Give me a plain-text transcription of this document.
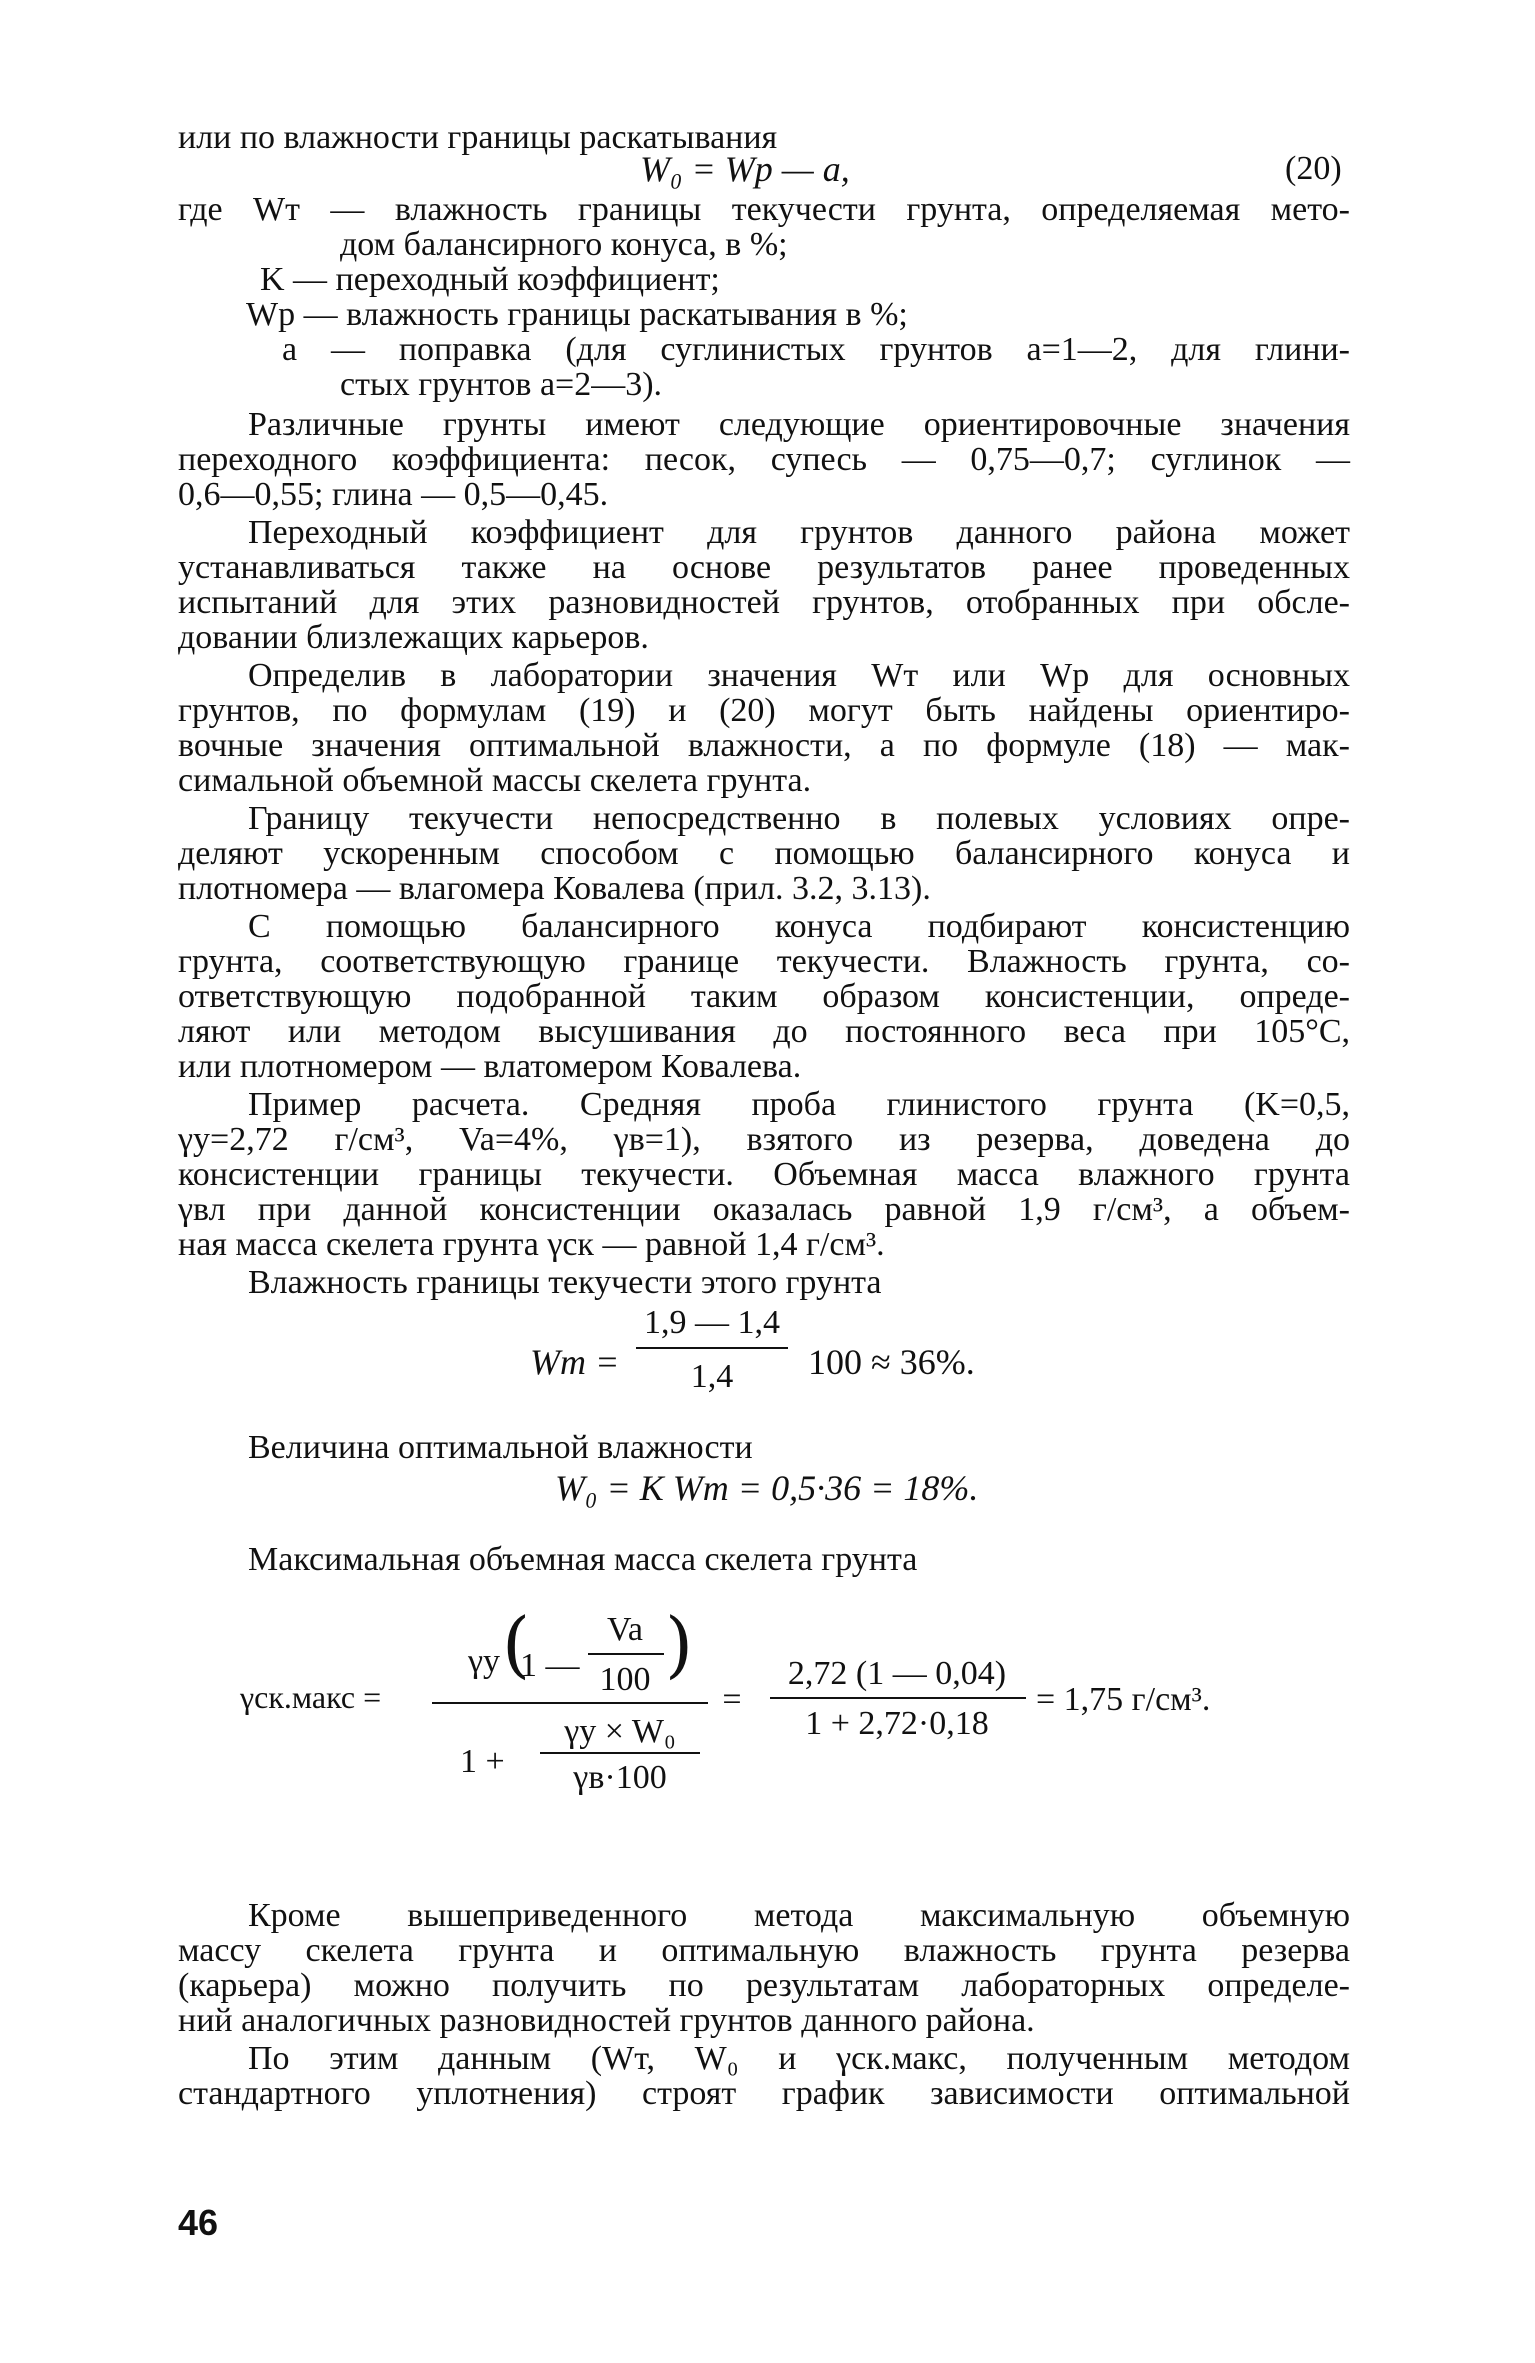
или по влажности границы раскатывания
W₀ = Wp — a,	(20)
где Wт — влажность границы текучести грунта, определяемая мето-
дом балансирного конуса, в %;
K — переходный коэффициент;
Wp — влажность границы раскатывания в %;
a — поправка (для суглинистых грунтов a=1—2, для глини-
стых грунтов a=2—3).
Различные грунты имеют следующие ориентировочные значения
переходного коэффициента: песок, супесь — 0,75—0,7; суглинок —
0,6—0,55; глина — 0,5—0,45.
Переходный коэффициент для грунтов данного района может
устанавливаться также на основе результатов ранее проведенных
испытаний для этих разновидностей грунтов, отобранных при обсле-
довании близлежащих карьеров.
Определив в лаборатории значения Wт или Wp для основных
грунтов, по формулам (19) и (20) могут быть найдены ориентиро-
вочные значения оптимальной влажности, а по формуле (18) — мак-
симальной объемной массы скелета грунта.
Границу текучести непосредственно в полевых условиях опре-
деляют ускоренным способом с помощью балансирного конуса и
плотномера — влагомера Ковалева (прил. 3.2, 3.13).
С помощью балансирного конуса подбирают консистенцию
грунта, соответствующую границе текучести. Влажность грунта, со-
ответствующую подобранной таким образом консистенции, опреде-
ляют или методом высушивания до постоянного веса при 105°C,
или плотномером — влатомером Ковалева.
Пример расчета. Средняя проба глинистого грунта (K=0,5,
γy=2,72 г/см³, Va=4%, γв=1), взятого из резерва, доведена до
консистенции границы текучести. Объемная масса влажного грунта
γвл при данной консистенции оказалась равной 1,9 г/см³, а объем-
ная масса скелета грунта γск — равной 1,4 г/см³.
Влажность границы текучести этого грунта
Wт =
1,9 — 1,4
1,4	100 ≈ 36%.
Величина оптимальной влажности
W₀ = K Wт = 0,5·36 = 18%.
Максимальная объемная масса скелета грунта
γск.макс =
γy (
1 —
Va
100 )
1 +
γy × W₀
γв·100
=
2,72 (1 — 0,04)
1 + 2,72·0,18
= 1,75 г/см³.
Кроме вышеприведенного метода максимальную объемную
массу скелета грунта и оптимальную влажность грунта резерва
(карьера) можно получить по результатам лабораторных определе-
ний аналогичных разновидностей грунтов данного района.
По этим данным (Wт, W₀ и γск.макс, полученным методом
стандартного уплотнения) строят график зависимости оптимальной
46
